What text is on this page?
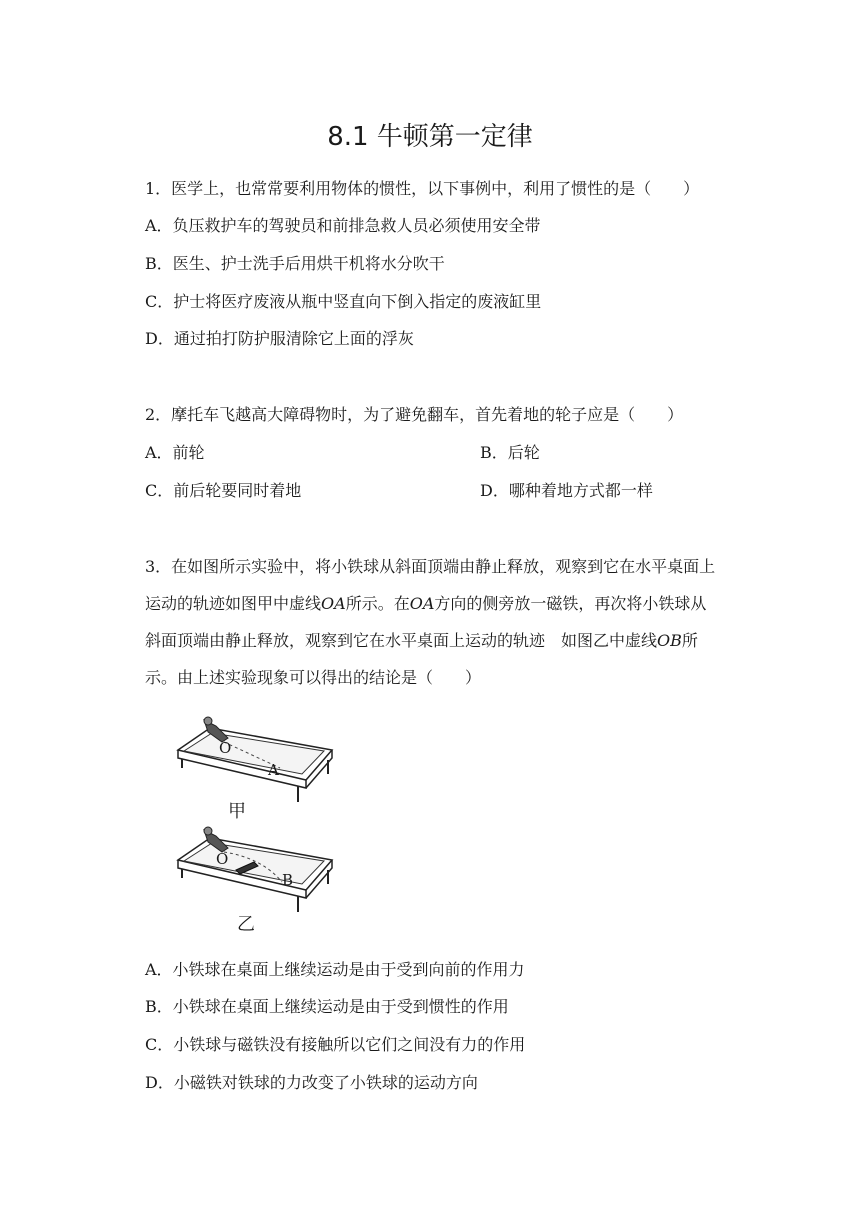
8.1 牛顿第一定律
1．医学上，也常常要利用物体的惯性，以下事例中，利用了惯性的是（　　）
A．负压救护车的驾驶员和前排急救人员必须使用安全带
B．医生、护士洗手后用烘干机将水分吹干
C．护士将医疗废液从瓶中竖直向下倒入指定的废液缸里
D．通过拍打防护服清除它上面的浮灰
2．摩托车飞越高大障碍物时，为了避免翻车，首先着地的轮子应是（　　）
A．前轮	B．后轮
C．前后轮要同时着地	D．哪种着地方式都一样
3．在如图所示实验中，将小铁球从斜面顶端由静止释放，观察到它在水平桌面上运动的轨迹如图甲中虚线OA所示。在OA方向的侧旁放一磁铁，再次将小铁球从斜面顶端由静止释放，观察到它在水平桌面上运动的轨迹　如图乙中虚线OB所示。由上述实验现象可以得出的结论是（　　）
O
A
甲
O
B
乙
A．小铁球在桌面上继续运动是由于受到向前的作用力
B．小铁球在桌面上继续运动是由于受到惯性的作用
C．小铁球与磁铁没有接触所以它们之间没有力的作用
D．小磁铁对铁球的力改变了小铁球的运动方向
